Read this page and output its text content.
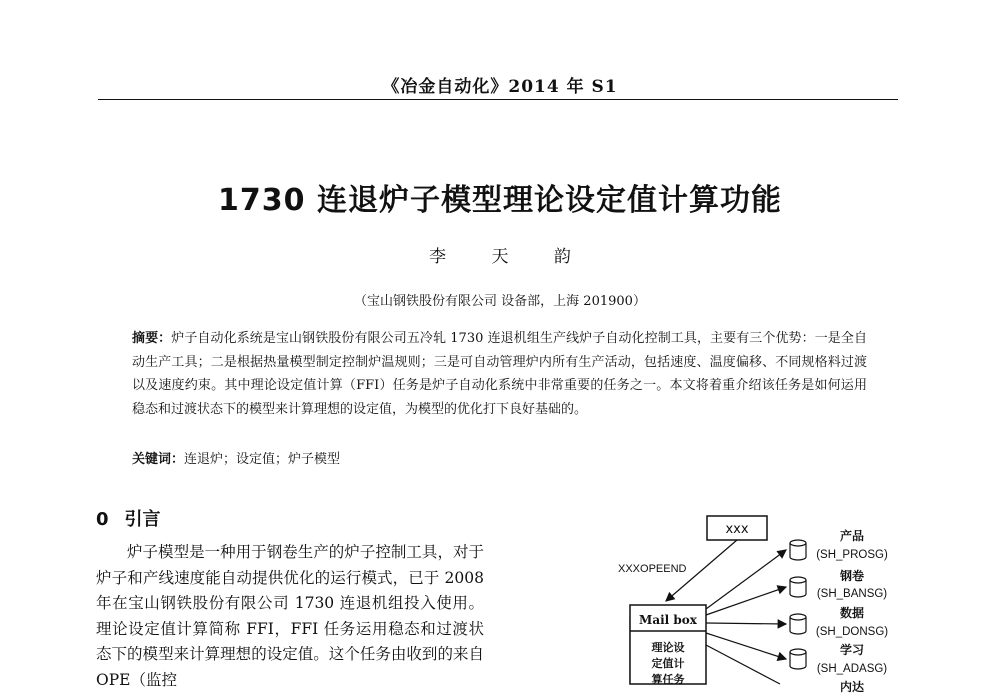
《冶金自动化》2014 年 S1
1730 连退炉子模型理论设定值计算功能
李 天 韵
（宝山钢铁股份有限公司 设备部，上海 201900）
摘要：炉子自动化系统是宝山钢铁股份有限公司五冷轧 1730 连退机组生产线炉子自动化控制工具，主要有三个优势：一是全自动生产工具；二是根据热量模型制定控制炉温规则；三是可自动管理炉内所有生产活动，包括速度、温度偏移、不同规格料过渡以及速度约束。其中理论设定值计算（FFI）任务是炉子自动化系统中非常重要的任务之一。本文将着重介绍该任务是如何运用稳态和过渡状态下的模型来计算理想的设定值，为模型的优化打下良好基础的。
关键词：连退炉；设定值；炉子模型
0 引言
炉子模型是一种用于钢卷生产的炉子控制工具，对于炉子和产线速度能自动提供优化的运行模式，已于 2008 年在宝山钢铁股份有限公司 1730 连退机组投入使用。理论设定值计算简称 FFI，FFI 任务运用稳态和过渡状态下的模型来计算理想的设定值。这个任务由收到的来自 OPE（监控
xxx
XXXOPEEND
Mail box
理论设
定值计
算任务
产品
(SH_PROSG)
钢卷
(SH_BANSG)
数据
(SH_DONSG)
学习
(SH_ADASG)
内达
